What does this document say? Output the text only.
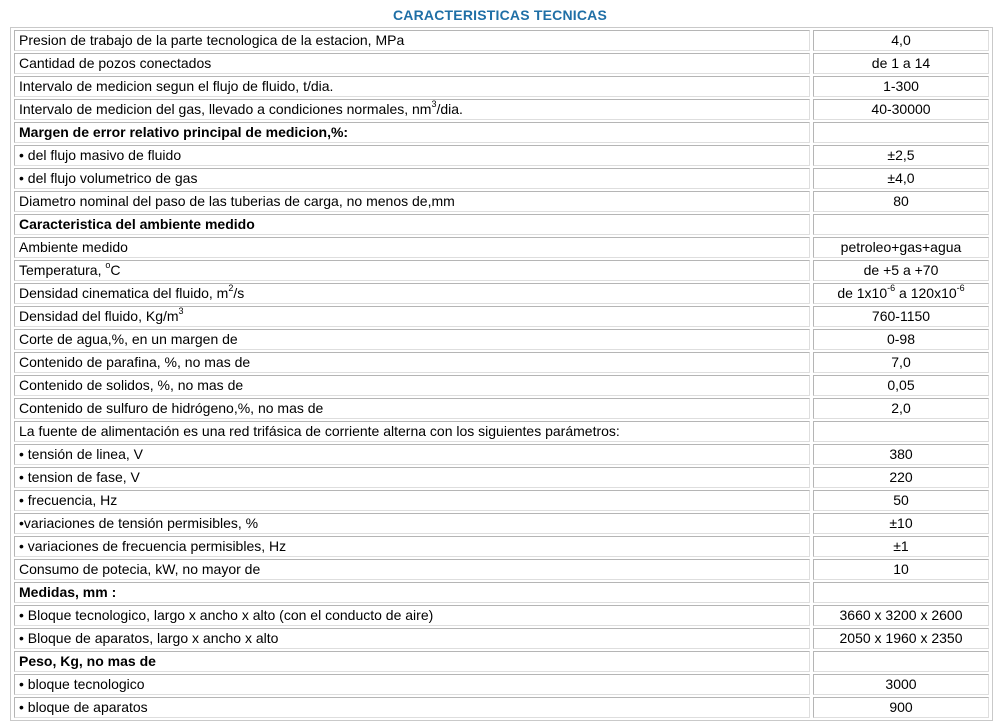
CARACTERISTICAS TECNICAS
Presion de trabajo de la parte tecnologica de la estacion, MPa	4,0
Cantidad de pozos conectados	de 1 a 14
Intervalo de medicion segun el flujo de fluido, t/dia.	1-300
Intervalo de medicion del gas, llevado a condiciones normales, $nm^3$/dia.	40-30000
Margen de error relativo principal de medicion,%:	
• del flujo masivo de fluido	±2,5
• del flujo volumetrico de gas	±4,0
Diametro nominal del paso de las tuberias de carga, no menos de,mm	80
Caracteristica del ambiente medido	
Ambiente medido	petroleo+gas+agua
Temperatura, $^o$C	de +5 a +70
Densidad cinematica del fluido, $m^2/s$	de $1x10^{-6}$ a $120x10^{-6}$
Densidad del fluido, $Kg/m^3$	760-1150
Corte de agua,%, en un margen de	0-98
Contenido de parafina, %, no mas de	7,0
Contenido de solidos, %, no mas de	0,05
Contenido de sulfuro de hidrógeno,%, no mas de	2,0
La fuente de alimentación es una red trifásica de corriente alterna con los siguientes parámetros:	
• tensión de linea, V	380
• tension de fase, V	220
• frecuencia, Hz	50
•variaciones de tensión permisibles, %	±10
• variaciones de frecuencia permisibles, Hz	±1
Consumo de potecia, kW, no mayor de	10
Medidas, mm :	
• Bloque tecnologico, largo x ancho x alto (con el conducto de aire)	3660 x 3200 x 2600
• Bloque de aparatos, largo x ancho x alto	2050 x 1960 x 2350
Peso, Kg, no mas de	
• bloque tecnologico	3000
• bloque de aparatos	900
